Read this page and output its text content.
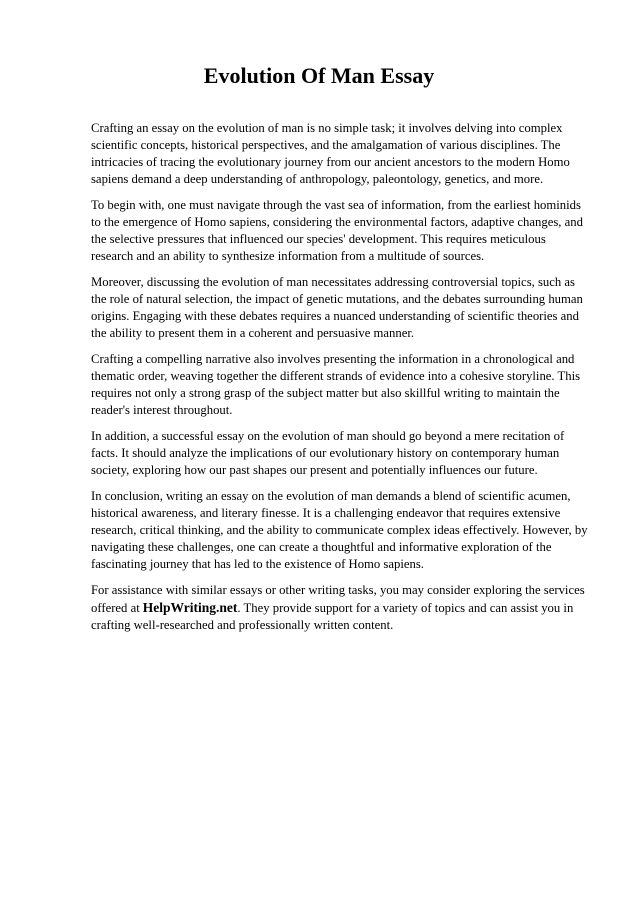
Evolution Of Man Essay

Crafting an essay on the evolution of man is no simple task; it involves delving into complex scientific concepts, historical perspectives, and the amalgamation of various disciplines. The intricacies of tracing the evolutionary journey from our ancient ancestors to the modern Homo sapiens demand a deep understanding of anthropology, paleontology, genetics, and more.

To begin with, one must navigate through the vast sea of information, from the earliest hominids to the emergence of Homo sapiens, considering the environmental factors, adaptive changes, and the selective pressures that influenced our species' development. This requires meticulous research and an ability to synthesize information from a multitude of sources.

Moreover, discussing the evolution of man necessitates addressing controversial topics, such as the role of natural selection, the impact of genetic mutations, and the debates surrounding human origins. Engaging with these debates requires a nuanced understanding of scientific theories and the ability to present them in a coherent and persuasive manner.

Crafting a compelling narrative also involves presenting the information in a chronological and thematic order, weaving together the different strands of evidence into a cohesive storyline. This requires not only a strong grasp of the subject matter but also skillful writing to maintain the reader's interest throughout.

In addition, a successful essay on the evolution of man should go beyond a mere recitation of facts. It should analyze the implications of our evolutionary history on contemporary human society, exploring how our past shapes our present and potentially influences our future.

In conclusion, writing an essay on the evolution of man demands a blend of scientific acumen, historical awareness, and literary finesse. It is a challenging endeavor that requires extensive research, critical thinking, and the ability to communicate complex ideas effectively. However, by navigating these challenges, one can create a thoughtful and informative exploration of the fascinating journey that has led to the existence of Homo sapiens.

For assistance with similar essays or other writing tasks, you may consider exploring the services offered at HelpWriting.net. They provide support for a variety of topics and can assist you in crafting well-researched and professionally written content.
